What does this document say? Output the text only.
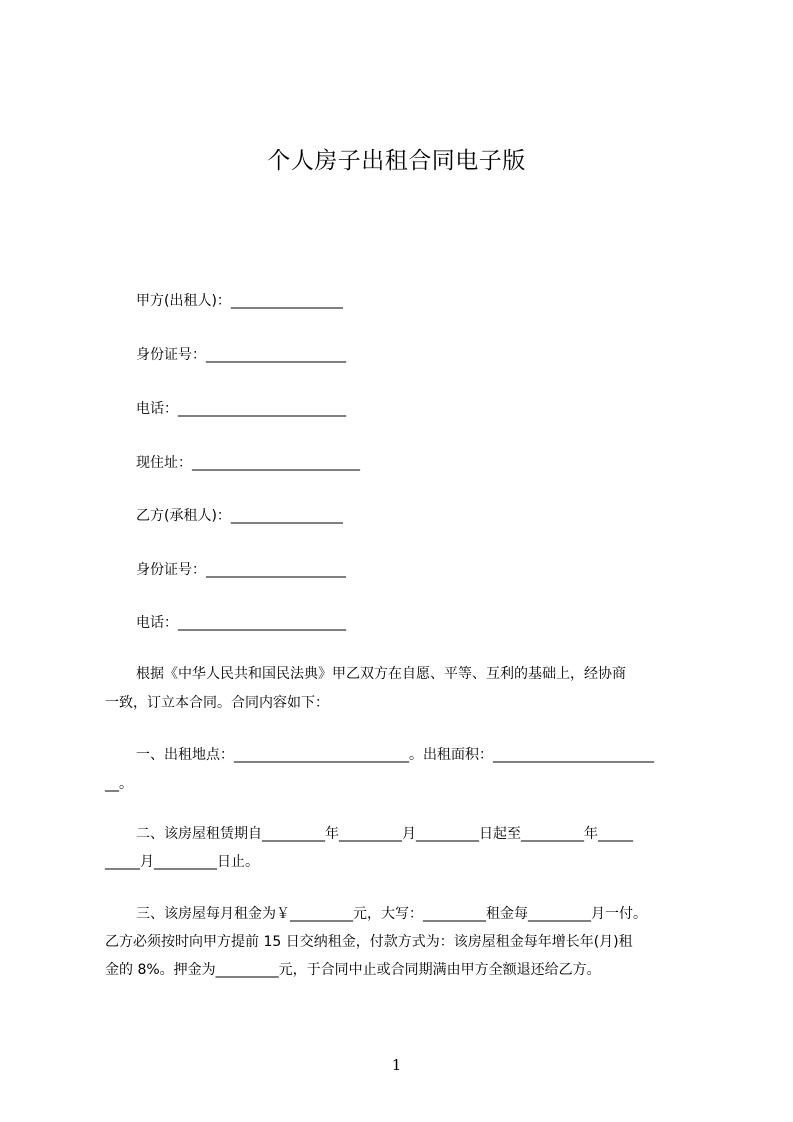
个人房子出租合同电子版
甲方(出租人)：________________
身份证号：____________________
电话：________________________
现住址：________________________
乙方(承租人)：________________
身份证号：____________________
电话：________________________
根据《中华人民共和国民法典》甲乙双方在自愿、平等、互利的基础上，经协商
一致，订立本合同。合同内容如下：
一、出租地点：_________________________。出租面积：_______________________
__。
二、该房屋租赁期自_________年_________月_________日起至_________年_____
_____月_________日止。
三、该房屋每月租金为￥_________元，大写：_________租金每_________月一付。
乙方必须按时向甲方提前 15 日交纳租金，付款方式为：该房屋租金每年增长年(月)租
金的 8%。押金为_________元，于合同中止或合同期满由甲方全额退还给乙方。
1
